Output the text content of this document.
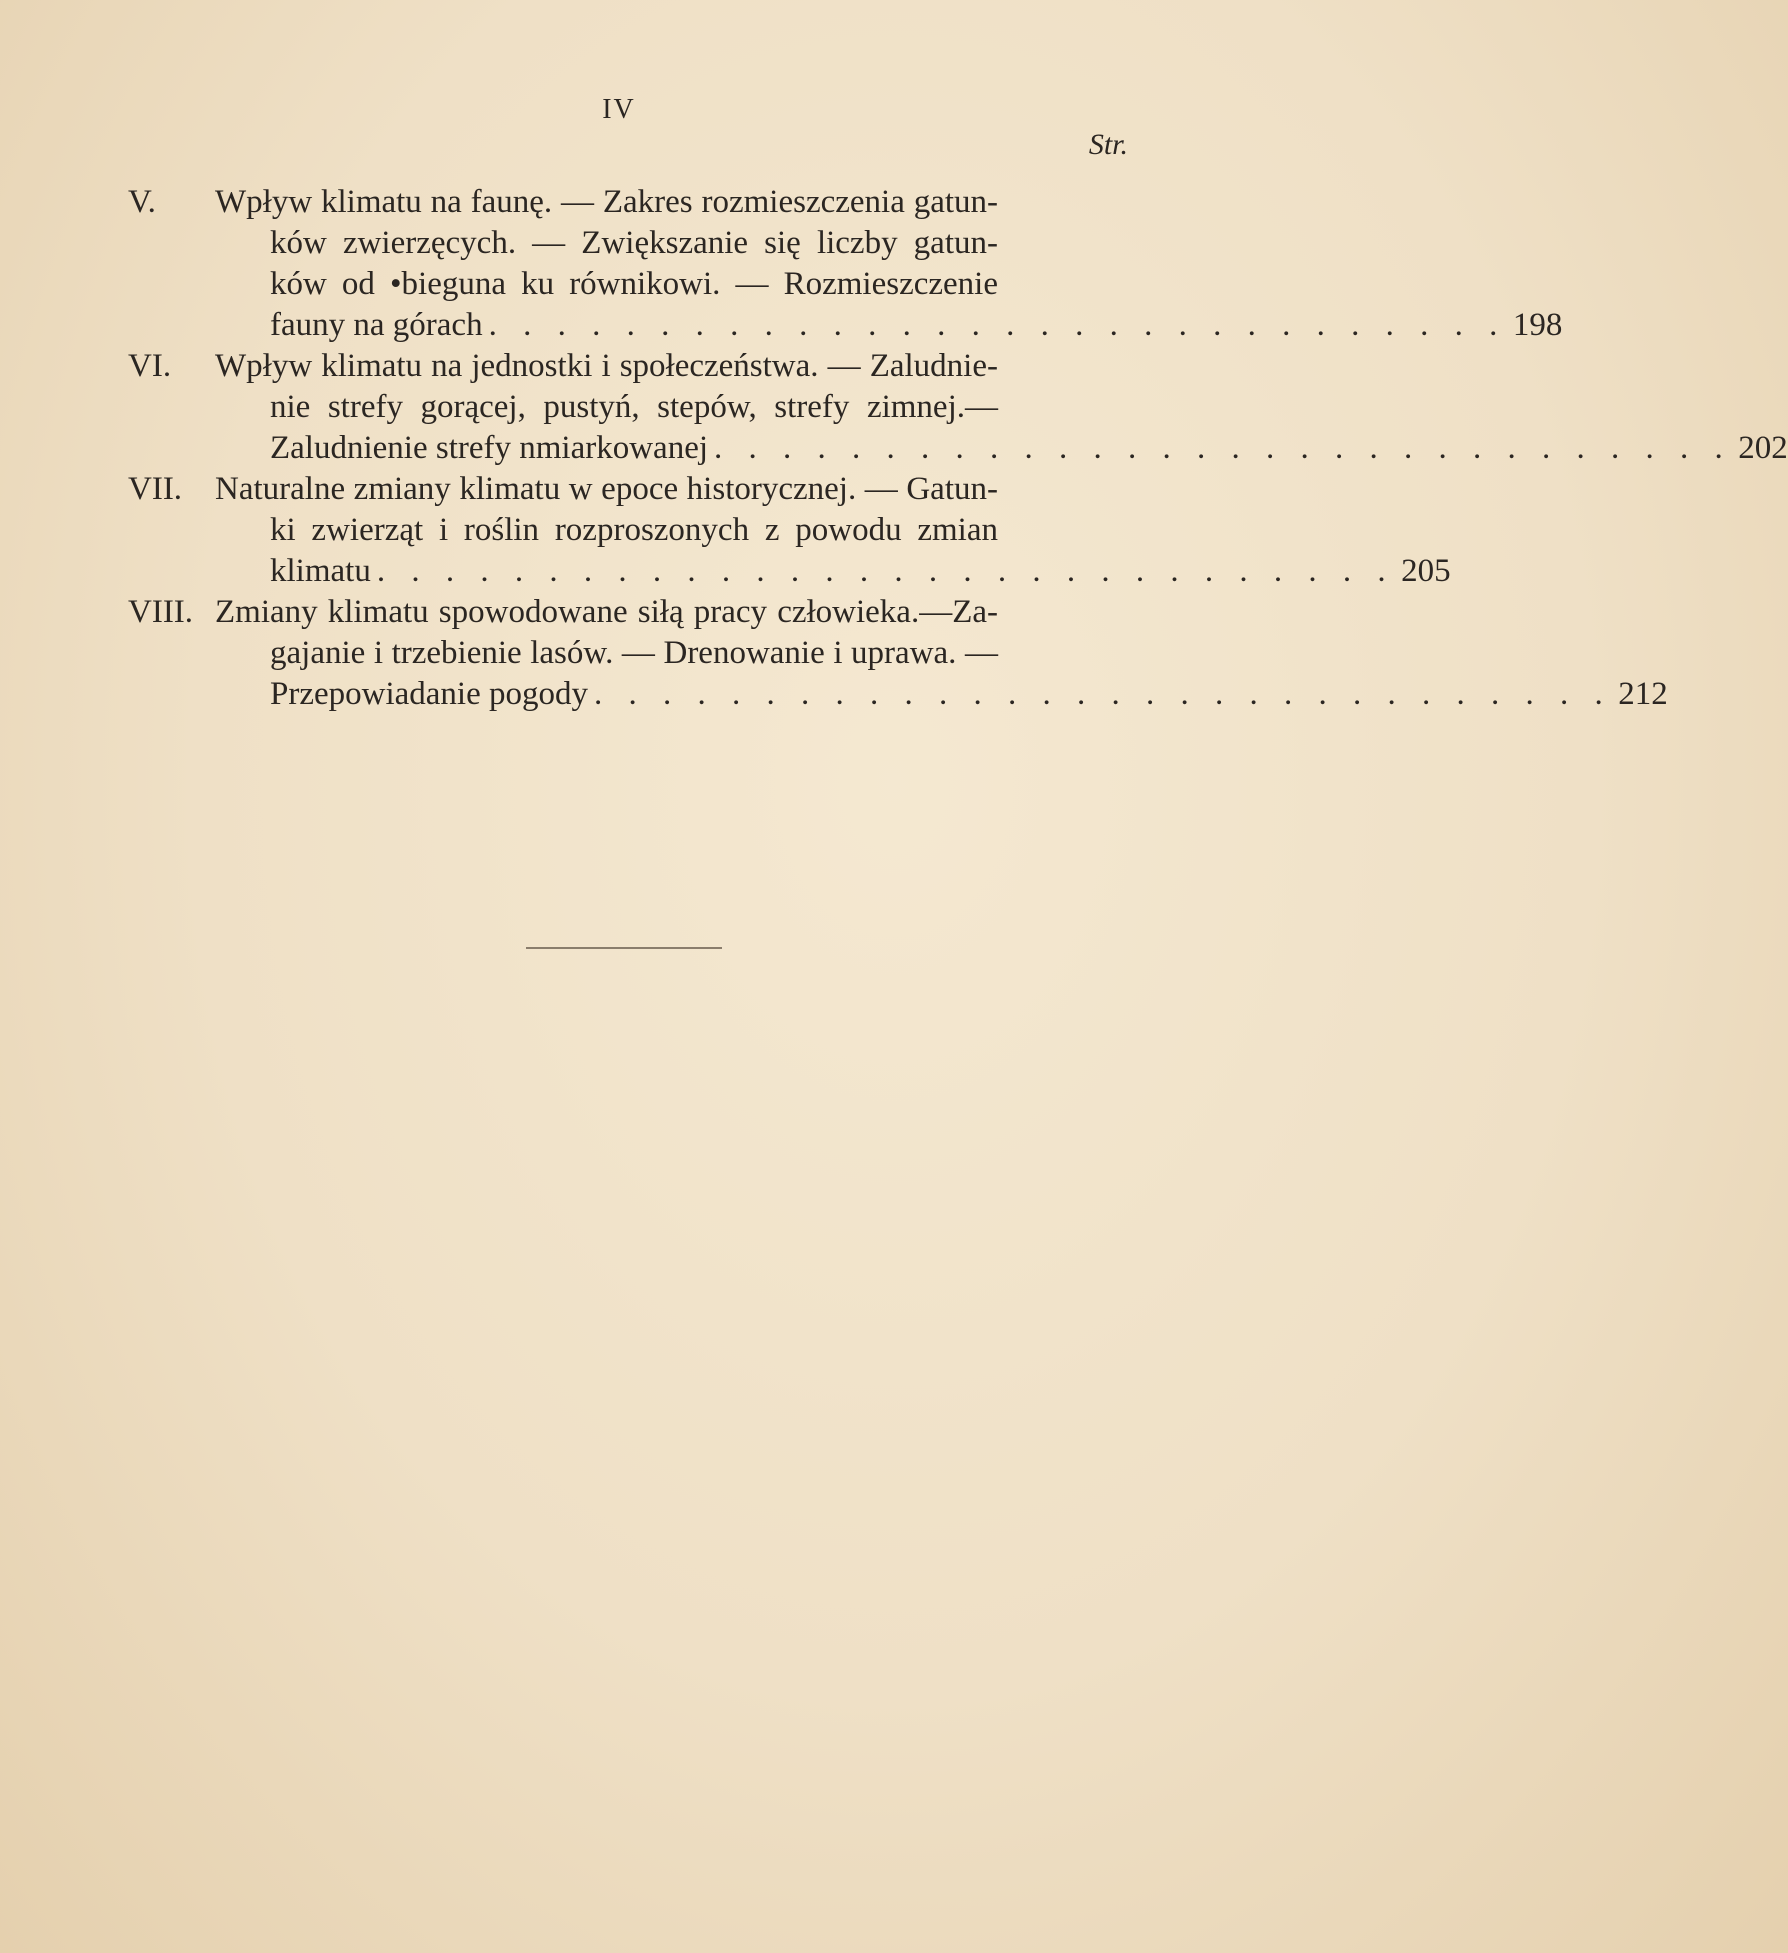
IV
Str.
V.	Wpływ klimatu na faunę. — Zakres rozmieszczenia gatun-
ków zwierzęcych. — Zwiększanie się liczby gatun-
ków od •bieguna ku równikowi. — Rozmieszczenie
fauny na górach . . . . . . . . . . . . . . . . . . . . . . . . . . . . . . 198
VI.	Wpływ klimatu na jednostki i społeczeństwa. — Zaludnie-
nie strefy gorącej, pustyń, stepów, strefy zimnej.—
Zaludnienie strefy nmiarkowanej . . . . . . . . . . . . . . . . . . . . . . . . . . . . . . 202
VII. Naturalne zmiany klimatu w epoce historycznej. — Gatun-
ki zwierząt i roślin rozproszonych z powodu zmian
klimatu . . . . . . . . . . . . . . . . . . . . . . . . . . . . . . 205
VIII. Zmiany klimatu spowodowane siłą pracy człowieka.—Za-
gajanie i trzebienie lasów. — Drenowanie i uprawa. —
Przepowiadanie pogody . . . . . . . . . . . . . . . . . . . . . . . . . . . . . . 212
